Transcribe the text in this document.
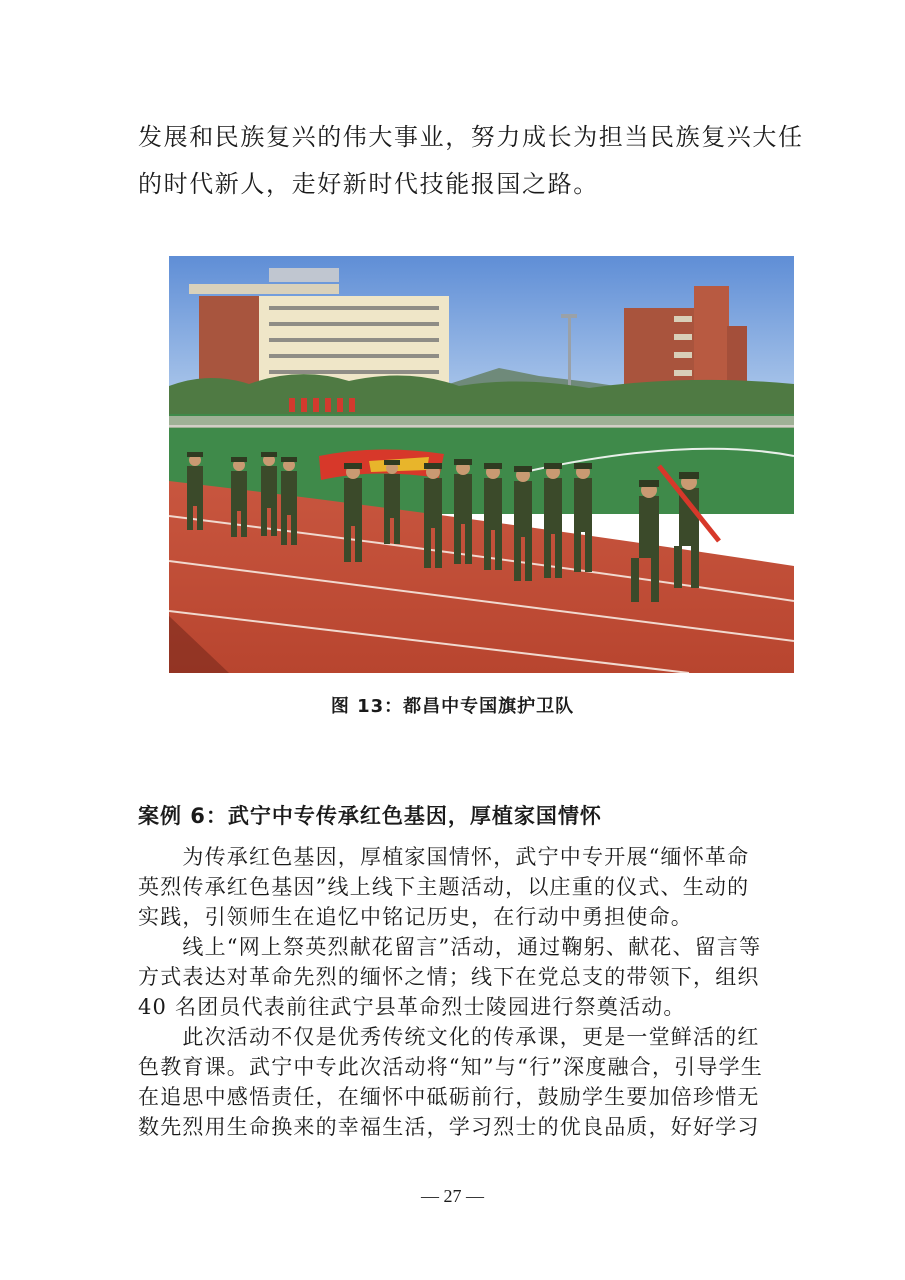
发展和民族复兴的伟大事业，努力成长为担当民族复兴大任

的时代新人，走好新时代技能报国之路。

图 13：都昌中专国旗护卫队
案例 6：武宁中专传承红色基因，厚植家国情怀

　　为传承红色基因，厚植家国情怀，武宁中专开展“缅怀革命

英烈传承红色基因”线上线下主题活动，以庄重的仪式、生动的

实践，引领师生在追忆中铭记历史，在行动中勇担使命。

　　线上“网上祭英烈献花留言”活动，通过鞠躬、献花、留言等

方式表达对革命先烈的缅怀之情；线下在党总支的带领下，组织

40 名团员代表前往武宁县革命烈士陵园进行祭奠活动。

　　此次活动不仅是优秀传统文化的传承课，更是一堂鲜活的红

色教育课。武宁中专此次活动将“知”与“行”深度融合，引导学生

在追思中感悟责任，在缅怀中砥砺前行，鼓励学生要加倍珍惜无

数先烈用生命换来的幸福生活，学习烈士的优良品质，好好学习

— 27 —
